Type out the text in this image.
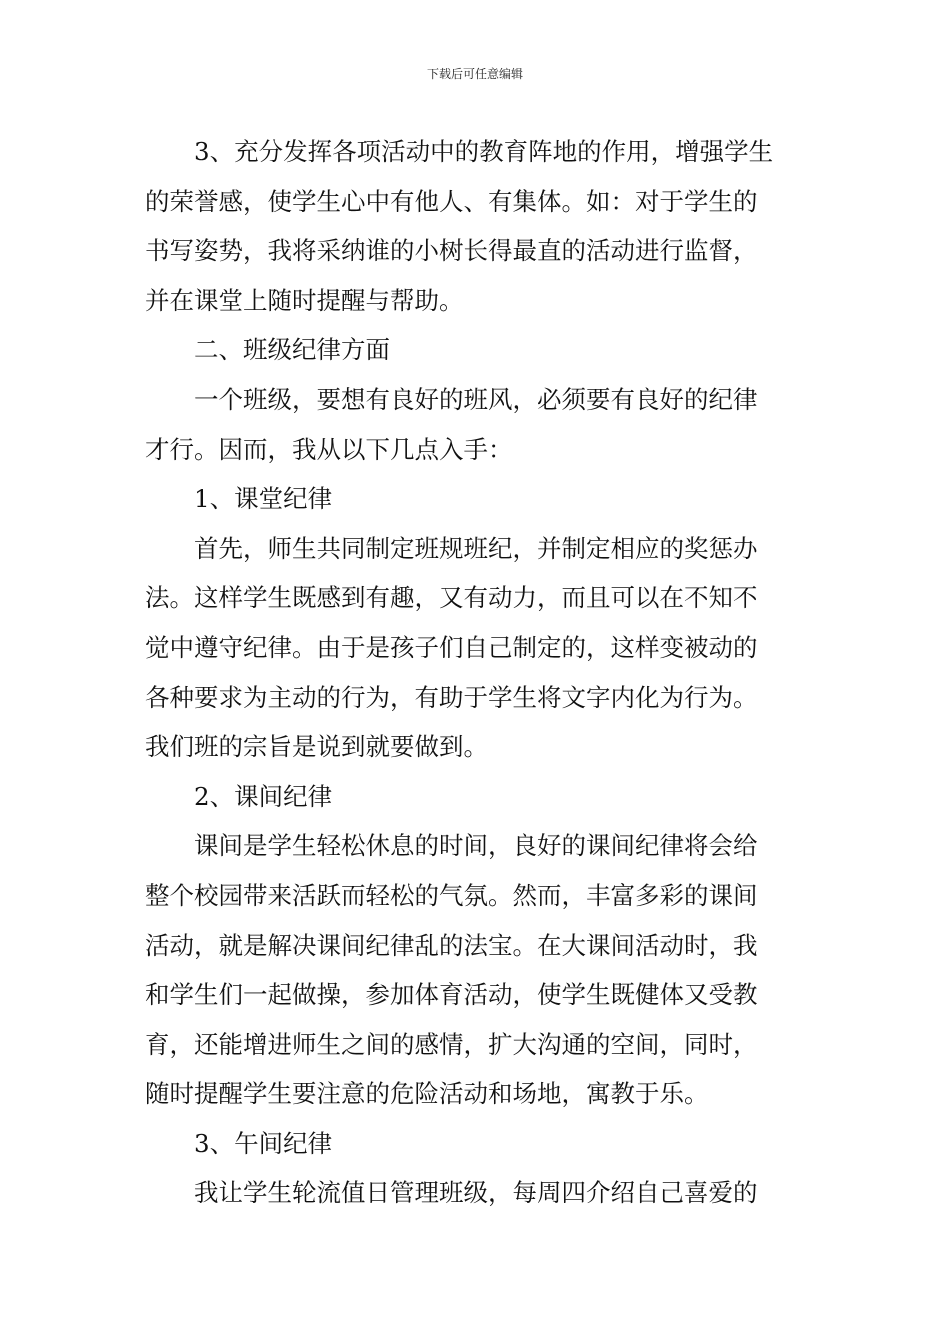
下载后可任意编辑
3、充分发挥各项活动中的教育阵地的作用，增强学生
的荣誉感，使学生心中有他人、有集体。如：对于学生的
书写姿势，我将采纳谁的小树长得最直的活动进行监督，
并在课堂上随时提醒与帮助。
二、班级纪律方面
一个班级，要想有良好的班风，必须要有良好的纪律
才行。因而，我从以下几点入手：
1、课堂纪律
首先，师生共同制定班规班纪，并制定相应的奖惩办
法。这样学生既感到有趣，又有动力，而且可以在不知不
觉中遵守纪律。由于是孩子们自己制定的，这样变被动的
各种要求为主动的行为，有助于学生将文字内化为行为。
我们班的宗旨是说到就要做到。
2、课间纪律
课间是学生轻松休息的时间，良好的课间纪律将会给
整个校园带来活跃而轻松的气氛。然而，丰富多彩的课间
活动，就是解决课间纪律乱的法宝。在大课间活动时，我
和学生们一起做操，参加体育活动，使学生既健体又受教
育，还能增进师生之间的感情，扩大沟通的空间，同时，
随时提醒学生要注意的危险活动和场地，寓教于乐。
3、午间纪律
我让学生轮流值日管理班级，每周四介绍自己喜爱的
